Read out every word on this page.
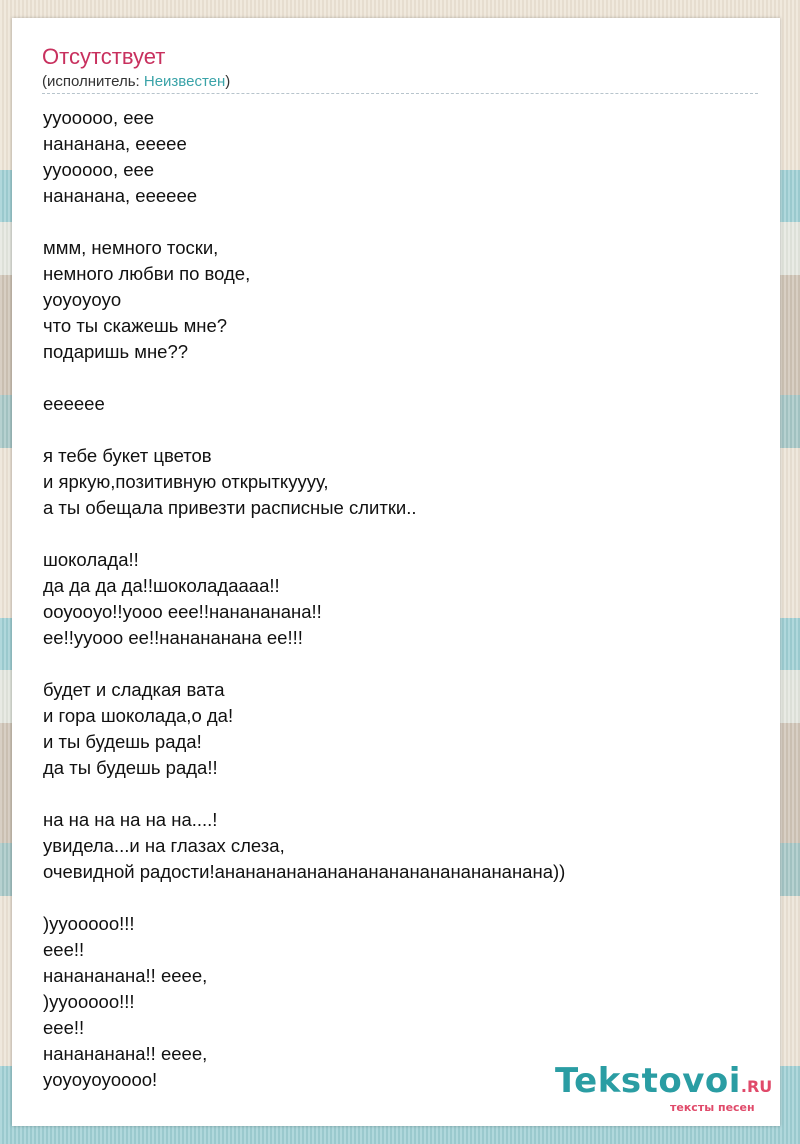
Отсутствует
(исполнитель: Неизвестен)
уyooooo, еее
нананана, еееее
уyooooo, еее
нананана, ееееее
ммм, немного тоски,
немного любви по воде,
уoyoyoyo
что ты скажешь мне?
подаришь мне??
ееееее
я тебе букет цветов
и яркую,позитивную открыткуууу,
а ты обещала привезти расписные слитки..
шоколада!!
да да да да!!шоколадаааа!!
ооуоoуо!!уooo еее!!нананананa!!
ее!!уyooo ее!!нананананa ее!!!
будет и сладкая вата
и гора шоколада,о да!
и ты будешь рада!
да ты будешь рада!!
на на на на на на....!
увидела...и на глазах слеза,
очевидной радости!ананананананананананананананананa))
)уyooooo!!!
еее!!
нананананa!! ееее,
)уyooooo!!!
еее!!
нананананa!! ееее,
уoyoyoyoooo!	Tekstovoi.RU
тексты песен
